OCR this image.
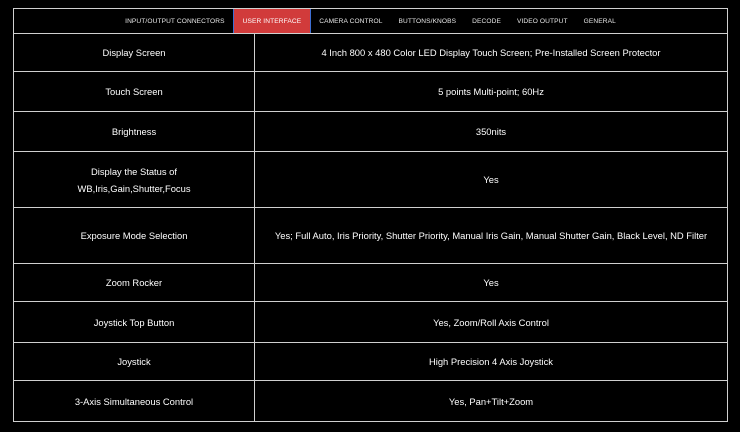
INPUT/OUTPUT CONNECTORS	USER INTERFACE	CAMERA CONTROL	BUTTONS/KNOBS	DECODE	VIDEO OUTPUT	GENERAL
Display Screen	4 Inch 800 x 480 Color LED Display Touch Screen; Pre-Installed Screen Protector
Touch Screen	5 points Multi-point; 60Hz
Brightness	350nits
Display the Status of WB,Iris,Gain,Shutter,Focus	Yes
Exposure Mode Selection	Yes; Full Auto, Iris Priority, Shutter Priority, Manual Iris Gain, Manual Shutter Gain, Black Level, ND Filter
Zoom Rocker	Yes
Joystick Top Button	Yes, Zoom/Roll Axis Control
Joystick	High Precision 4 Axis Joystick
3-Axis Simultaneous Control	Yes, Pan+Tilt+Zoom
